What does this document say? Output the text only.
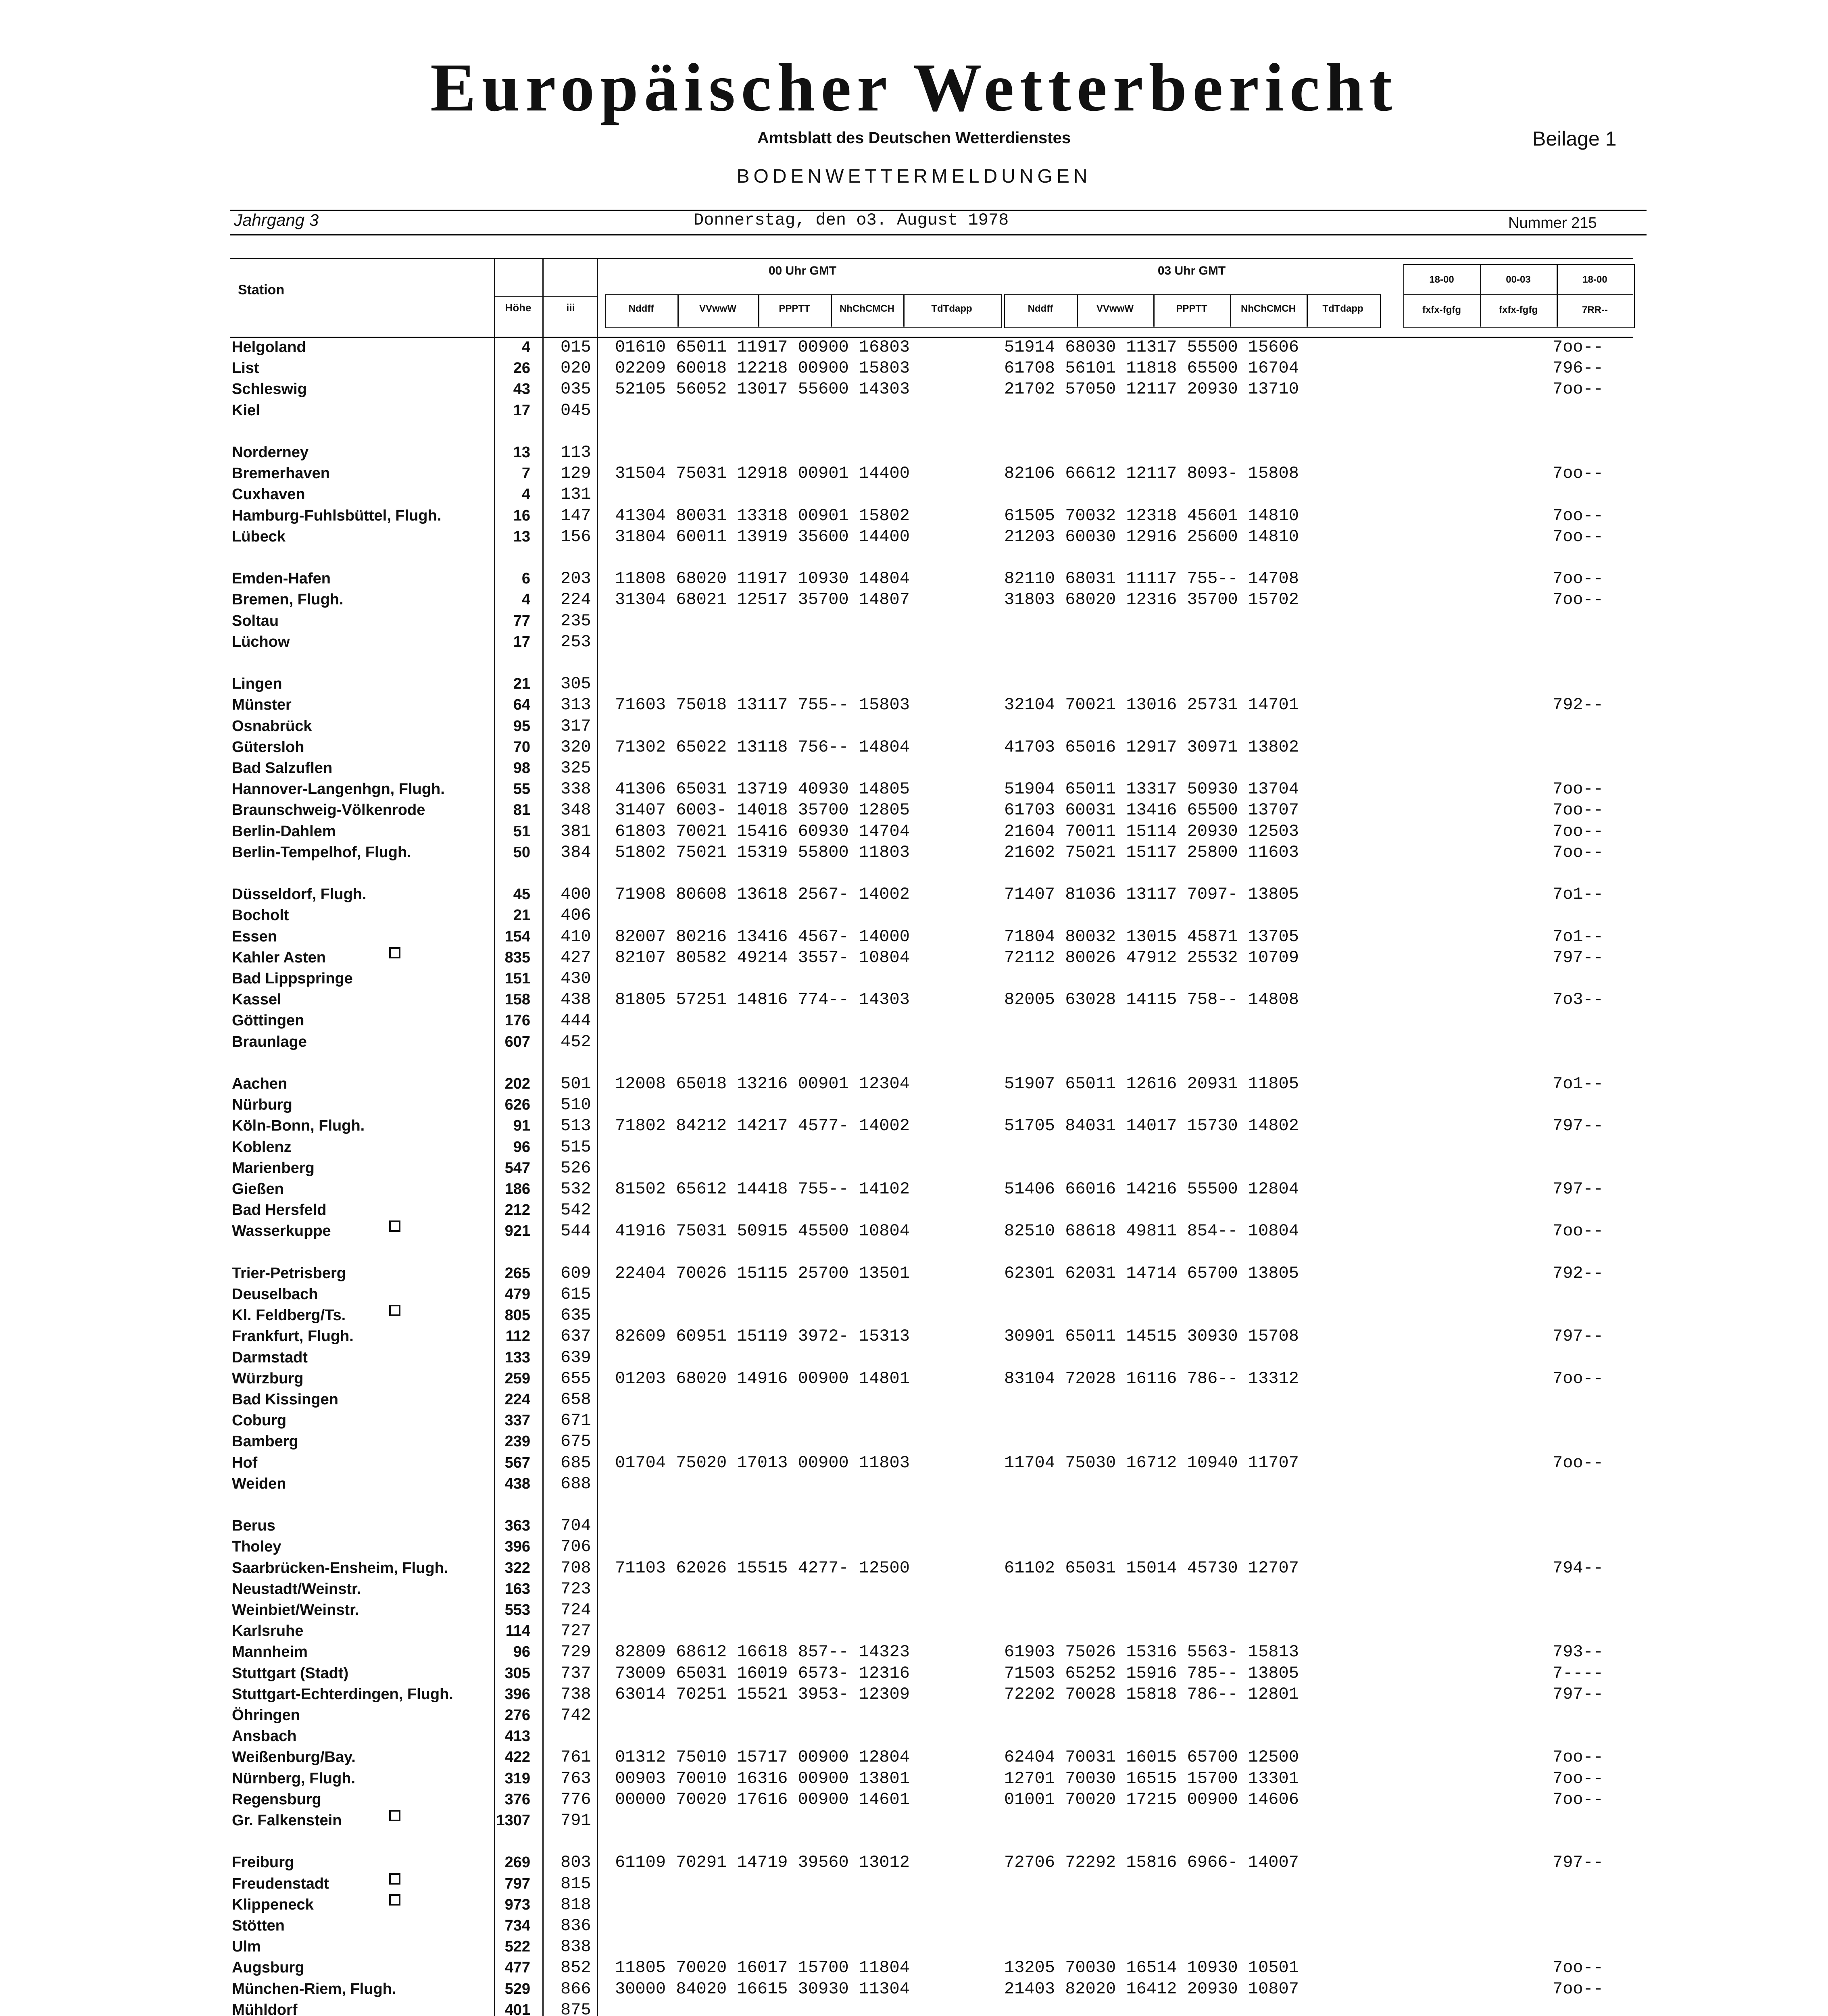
Europäischer Wetterbericht
Amtsblatt des Deutschen Wetterdienstes	Beilage 1
BODENWETTERMELDUNGEN
Jahrgang 3	Donnerstag, den o3. August 1978	Nummer 215
Station
Höhe	iii
00 Uhr GMT
Nddff	VVwwW	PPPTT	NhChCMCH	TdTdapp
03 Uhr GMT
Nddff	VVwwW	PPPTT	NhChCMCH	TdTdapp
18-00	00-03	18-00
fxfx-fgfg	fxfx-fgfg	7RR--
Helgoland	4 015 01610 65011 11917 00900 16803	51914 68030 11317 55500 15606	7oo--
List	26 020 02209 60018 12218 00900 15803	61708 56101 11818 65500 16704	796--
Schleswig	43 035 52105 56052 13017 55600 14303	21702 57050 12117 20930 13710	7oo--
Kiel	17 045
Norderney	13 113
Bremerhaven	7 129 31504 75031 12918 00901 14400	82106 66612 12117 8093- 15808	7oo--
Cuxhaven	4 131
Hamburg-Fuhlsbüttel, Flugh.	16 147 41304 80031 13318 00901 15802	61505 70032 12318 45601 14810	7oo--
Lübeck	13 156 31804 60011 13919 35600 14400	21203 60030 12916 25600 14810	7oo--
Emden-Hafen	6 203 11808 68020 11917 10930 14804	82110 68031 11117 755-- 14708	7oo--
Bremen, Flugh.	4 224 31304 68021 12517 35700 14807	31803 68020 12316 35700 15702	7oo--
Soltau	77 235
Lüchow	17 253
Lingen	21 305
Münster	64 313 71603 75018 13117 755-- 15803	32104 70021 13016 25731 14701	792--
Osnabrück	95 317
Gütersloh	70 320 71302 65022 13118 756-- 14804	41703 65016 12917 30971 13802
Bad Salzuflen	98 325
Hannover-Langenhgn, Flugh.	55 338 41306 65031 13719 40930 14805	51904 65011 13317 50930 13704	7oo--
Braunschweig-Völkenrode	81 348 31407 6003- 14018 35700 12805	61703 60031 13416 65500 13707	7oo--
Berlin-Dahlem	51 381 61803 70021 15416 60930 14704	21604 70011 15114 20930 12503	7oo--
Berlin-Tempelhof, Flugh.	50 384 51802 75021 15319 55800 11803	21602 75021 15117 25800 11603	7oo--
Düsseldorf, Flugh.	45 400 71908 80608 13618 2567- 14002	71407 81036 13117 7097- 13805	7o1--
Bocholt	21 406
Essen	154 410 82007 80216 13416 4567- 14000	71804 80032 13015 45871 13705	7o1--
Kahler Asten	835 427 82107 80582 49214 3557- 10804	72112 80026 47912 25532 10709	797--
Bad Lippspringe	151 430
Kassel	158 438 81805 57251 14816 774-- 14303	82005 63028 14115 758-- 14808	7o3--
Göttingen	176 444
Braunlage	607 452
Aachen	202 501 12008 65018 13216 00901 12304	51907 65011 12616 20931 11805	7o1--
Nürburg	626 510
Köln-Bonn, Flugh.	91 513 71802 84212 14217 4577- 14002	51705 84031 14017 15730 14802	797--
Koblenz	96 515
Marienberg	547 526
Gießen	186 532 81502 65612 14418 755-- 14102	51406 66016 14216 55500 12804	797--
Bad Hersfeld	212 542
Wasserkuppe	921 544 41916 75031 50915 45500 10804	82510 68618 49811 854-- 10804	7oo--
Trier-Petrisberg	265 609 22404 70026 15115 25700 13501	62301 62031 14714 65700 13805	792--
Deuselbach	479 615
Kl. Feldberg/Ts.	805 635
Frankfurt, Flugh.	112 637 82609 60951 15119 3972- 15313	30901 65011 14515 30930 15708	797--
Darmstadt	133 639
Würzburg	259 655 01203 68020 14916 00900 14801	83104 72028 16116 786-- 13312	7oo--
Bad Kissingen	224 658
Coburg	337 671
Bamberg	239 675
Hof	567 685 01704 75020 17013 00900 11803	11704 75030 16712 10940 11707	7oo--
Weiden	438 688
Berus	363 704
Tholey	396 706
Saarbrücken-Ensheim, Flugh.	322 708 71103 62026 15515 4277- 12500	61102 65031 15014 45730 12707	794--
Neustadt/Weinstr.	163 723
Weinbiet/Weinstr.	553 724
Karlsruhe	114 727
Mannheim	96 729 82809 68612 16618 857-- 14323	61903 75026 15316 5563- 15813	793--
Stuttgart (Stadt)	305 737 73009 65031 16019 6573- 12316	71503 65252 15916 785-- 13805	7----
Stuttgart-Echterdingen, Flugh.	396 738 63014 70251 15521 3953- 12309	72202 70028 15818 786-- 12801	797--
Öhringen	276 742
Ansbach	413
Weißenburg/Bay.	422 761 01312 75010 15717 00900 12804	62404 70031 16015 65700 12500	7oo--
Nürnberg, Flugh.	319 763 00903 70010 16316 00900 13801	12701 70030 16515 15700 13301	7oo--
Regensburg	376 776 00000 70020 17616 00900 14601	01001 70020 17215 00900 14606	7oo--
Gr. Falkenstein	1307 791
Freiburg	269 803 61109 70291 14719 39560 13012	72706 72292 15816 6966- 14007	797--
Freudenstadt	797 815
Klippeneck	973 818
Stötten	734 836
Ulm	522 838
Augsburg	477 852 11805 70020 16017 15700 11804	13205 70030 16514 10930 10501	7oo--
München-Riem, Flugh.	529 866 30000 84020 16615 30930 11304	21403 82020 16412 20930 10807	7oo--
Mühldorf	401 875
